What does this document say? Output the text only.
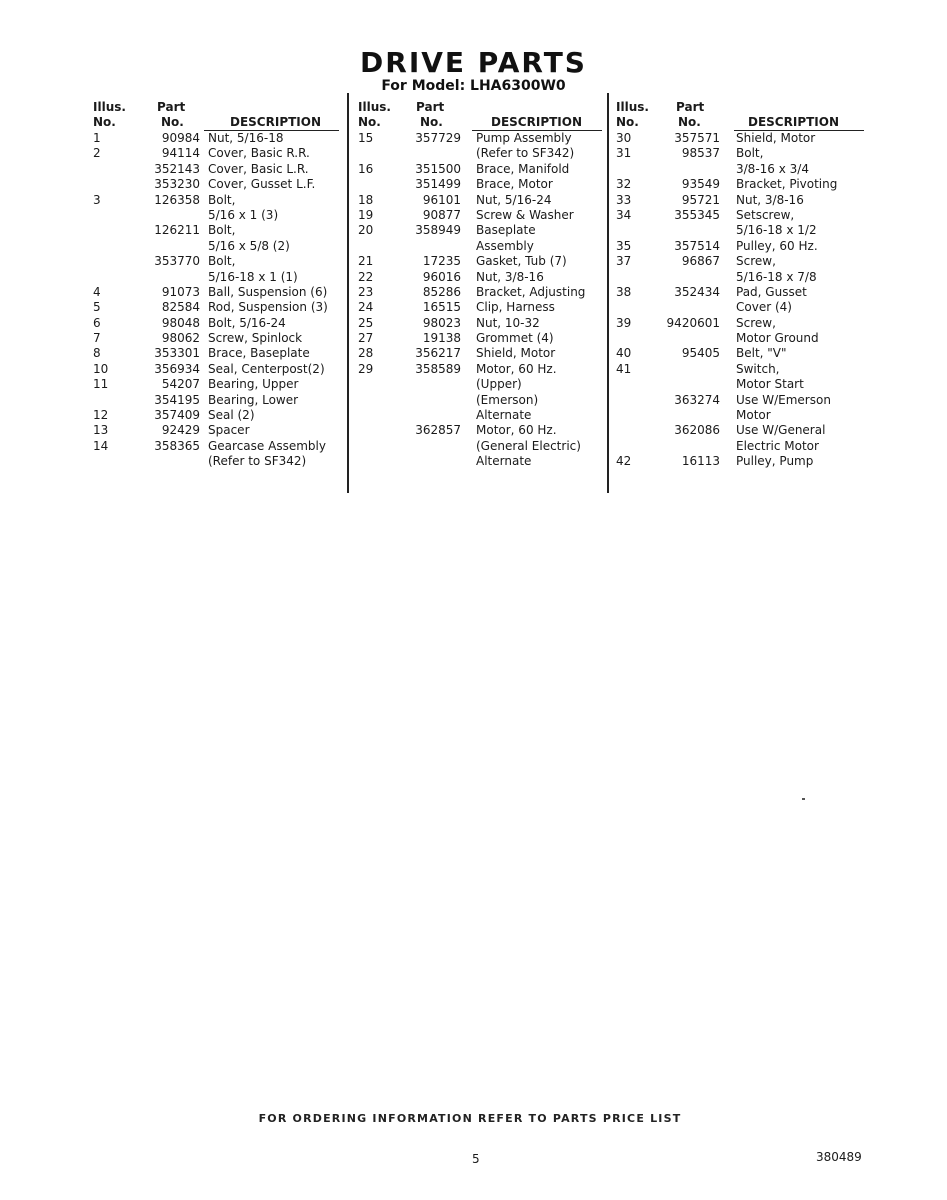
DRIVE PARTS
For Model: LHA6300W0
Illus.
No.
Part
No.	DESCRIPTION
1	90984 Nut, 5/16-18
2	94114 Cover, Basic R.R.
352143 Cover, Basic L.R.
353230 Cover, Gusset L.F.
3	126358 Bolt,
5/16 x 1 (3)
126211 Bolt,
5/16 x 5/8 (2)
353770 Bolt,
5/16-18 x 1 (1)
4	91073 Ball, Suspension (6)
5	82584 Rod, Suspension (3)
6	98048 Bolt, 5/16-24
7	98062 Screw, Spinlock
8	353301 Brace, Baseplate
10	356934 Seal, Centerpost(2)
11	54207 Bearing, Upper
354195 Bearing, Lower
12	357409 Seal (2)
13	92429 Spacer
14	358365 Gearcase Assembly
(Refer to SF342)
Illus.
No.
Part
No.	DESCRIPTION
15	357729 Pump Assembly
(Refer to SF342)
16	351500 Brace, Manifold
351499 Brace, Motor
18	96101 Nut, 5/16-24
19	90877 Screw & Washer
20	358949 Baseplate
Assembly
21	17235 Gasket, Tub (7)
22	96016 Nut, 3/8-16
23	85286 Bracket, Adjusting
24	16515 Clip, Harness
25	98023 Nut, 10-32
27	19138 Grommet (4)
28	356217 Shield, Motor
29	358589 Motor, 60 Hz.
(Upper)
(Emerson)
Alternate
362857 Motor, 60 Hz.
(General Electric)
Alternate
Illus.
No.
Part
No.	DESCRIPTION
30	357571 Shield, Motor
31	98537 Bolt,
3/8-16 x 3/4
32	93549 Bracket, Pivoting
33	95721 Nut, 3/8-16
34	355345 Setscrew,
5/16-18 x 1/2
35	357514 Pulley, 60 Hz.
37	96867 Screw,
5/16-18 x 7/8
38	352434 Pad, Gusset
Cover (4)
39	9420601 Screw,
Motor Ground
40	95405 Belt, "V"
41	Switch,
Motor Start
363274 Use W/Emerson
Motor
362086 Use W/General
Electric Motor
42	16113 Pulley, Pump
FOR ORDERING INFORMATION REFER TO PARTS PRICE LIST
5	380489
